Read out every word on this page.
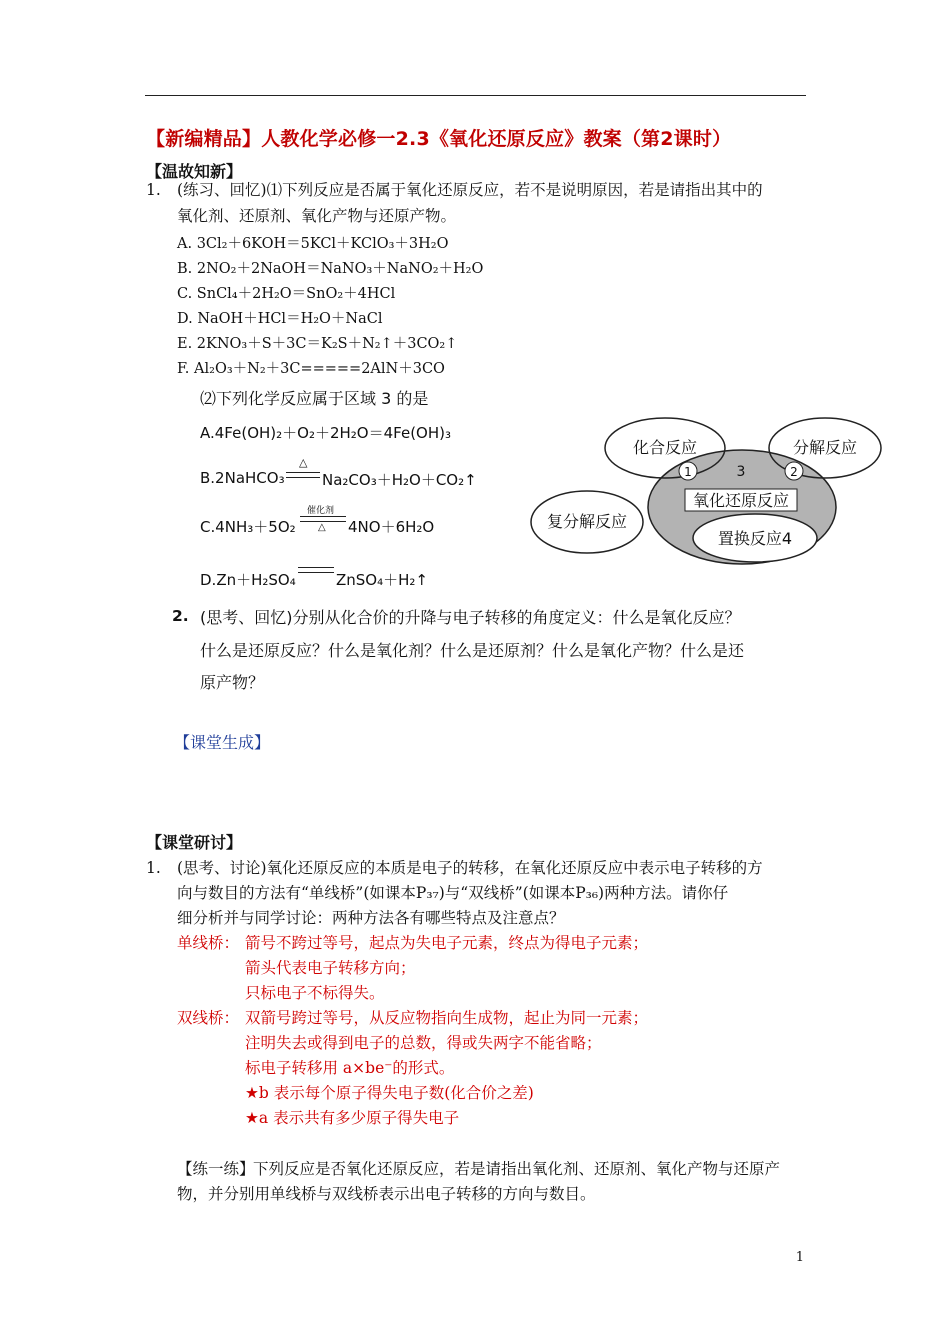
【新编精品】人教化学必修一2.3《氧化还原反应》教案（第2课时）
【温故知新】
1. (练习、回忆)⑴下列反应是否属于氧化还原反应，若不是说明原因，若是请指出其中的
氧化剂、还原剂、氧化产物与还原产物。
A. 3Cl₂＋6KOH＝5KCl＋KClO₃＋3H₂O
B. 2NO₂＋2NaOH＝NaNO₃＋NaNO₂＋H₂O
C. SnCl₄＋2H₂O＝SnO₂＋4HCl
D. NaOH＋HCl＝H₂O＋NaCl
E. 2KNO₃＋S＋3C＝K₂S＋N₂↑＋3CO₂↑
F. Al₂O₃＋N₂＋3C=====2AlN＋3CO
⑵下列化学反应属于区域 3 的是
A.4Fe(OH)₂＋O₂＋2H₂O＝4Fe(OH)₃
B.2NaHCO₃
△
Na₂CO₃＋H₂O＋CO₂↑
C.4NH₃＋5O₂
催化剂
△ 4NO＋6H₂O
D.Zn＋H₂SO₄	ZnSO₄＋H₂↑
化合反应	分解反应
复分解反应
氧化还原反应
置换反应4
1	2
3
2. (思考、回忆)分别从化合价的升降与电子转移的角度定义：什么是氧化反应？
什么是还原反应？什么是氧化剂？什么是还原剂？什么是氧化产物？什么是还
原产物？
【课堂生成】
【课堂研讨】
1. (思考、讨论)氧化还原反应的本质是电子的转移，在氧化还原反应中表示电子转移的方
向与数目的方法有“单线桥”(如课本P₃₇)与“双线桥”(如课本P₃₆)两种方法。请你仔
细分析并与同学讨论：两种方法各有哪些特点及注意点？
单线桥： 箭号不跨过等号，起点为失电子元素，终点为得电子元素；
箭头代表电子转移方向；
只标电子不标得失。
双线桥： 双箭号跨过等号，从反应物指向生成物，起止为同一元素；
注明失去或得到电子的总数，得或失两字不能省略；
标电子转移用 a×be⁻的形式。
★b 表示每个原子得失电子数(化合价之差)
★a 表示共有多少原子得失电子
【练一练】
下列反应是否氧化还原反应，若是请指出氧化剂、还原剂、氧化产物与还原产
物，并分别用单线桥与双线桥表示出电子转移的方向与数目。
1
